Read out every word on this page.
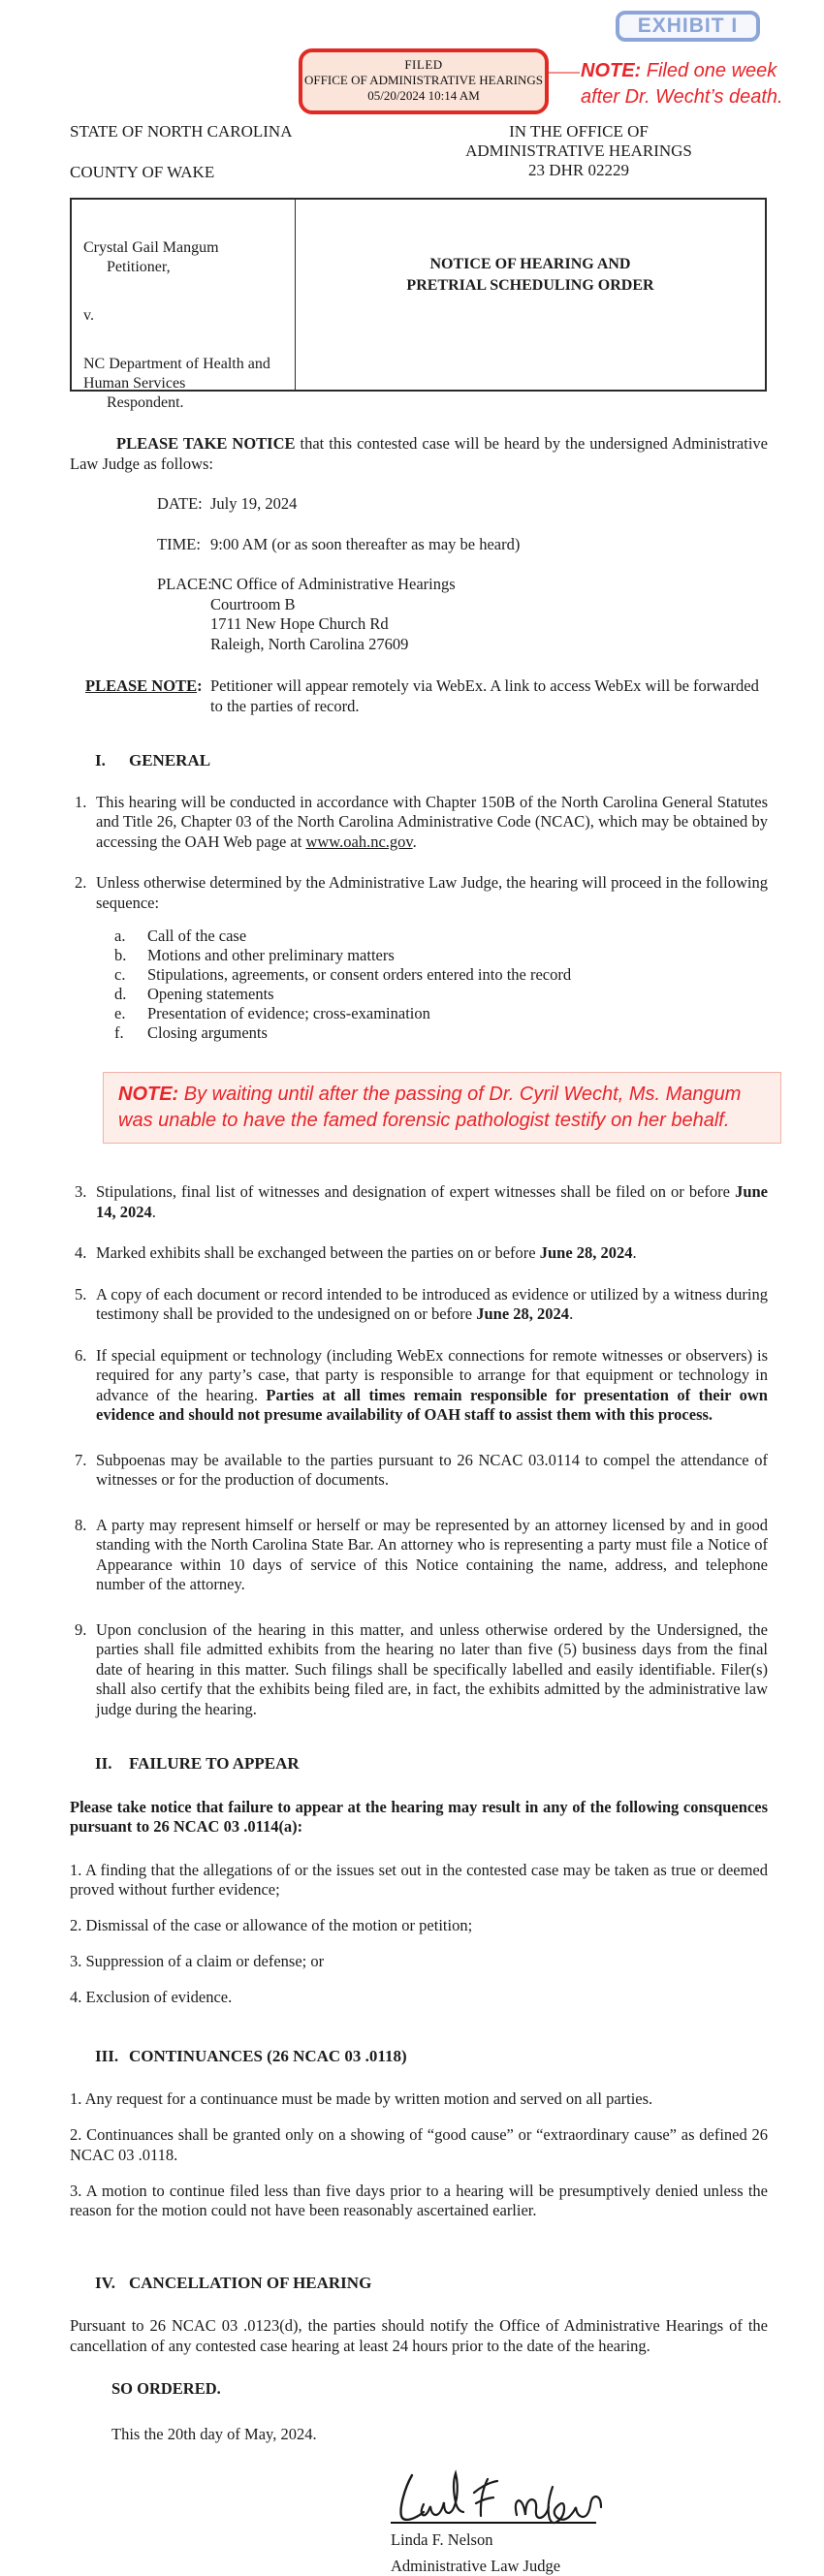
EXHIBIT I
FILED
OFFICE OF ADMINISTRATIVE HEARINGS
05/20/2024 10:14 AM
NOTE: Filed one week after Dr. Wecht’s death.
STATE OF NORTH CAROLINA
COUNTY OF WAKE
IN THE OFFICE OF
ADMINISTRATIVE HEARINGS
23 DHR 02229
Crystal Gail Mangum
Petitioner,
v.
NC Department of Health and Human Services
Respondent.
NOTICE OF HEARING AND
PRETRIAL SCHEDULING ORDER

PLEASE TAKE NOTICE that this contested case will be heard by the undersigned Administrative Law Judge as follows:

DATE: July 19, 2024
TIME: 9:00 AM (or as soon thereafter as may be heard)
PLACE:
NC Office of Administrative Hearings
Courtroom B
1711 New Hope Church Rd
Raleigh, North Carolina 27609
PLEASE NOTE: Petitioner will appear remotely via WebEx. A link to access WebEx will be forwarded to the parties of record.
I. GENERAL
1. This hearing will be conducted in accordance with Chapter 150B of the North Carolina General Statutes and Title 26, Chapter 03 of the North Carolina Administrative Code (NCAC), which may be obtained by accessing the OAH Web page at www.oah.nc.gov.
2. Unless otherwise determined by the Administrative Law Judge, the hearing will proceed in the following sequence:
a. Call of the case
b. Motions and other preliminary matters
c. Stipulations, agreements, or consent orders entered into the record
d. Opening statements
e. Presentation of evidence; cross-examination
f. Closing arguments
NOTE: By waiting until after the passing of Dr. Cyril Wecht, Ms. Mangum was unable to have the famed forensic pathologist testify on her behalf.
3. Stipulations, final list of witnesses and designation of expert witnesses shall be filed on or before June 14, 2024.
4. Marked exhibits shall be exchanged between the parties on or before June 28, 2024.
5. A copy of each document or record intended to be introduced as evidence or utilized by a witness during testimony shall be provided to the undesigned on or before June 28, 2024.
6. If special equipment or technology (including WebEx connections for remote witnesses or observers) is required for any party’s case, that party is responsible to arrange for that equipment or technology in advance of the hearing. Parties at all times remain responsible for presentation of their own evidence and should not presume availability of OAH staff to assist them with this process.
7. Subpoenas may be available to the parties pursuant to 26 NCAC 03.0114 to compel the attendance of witnesses or for the production of documents.
8. A party may represent himself or herself or may be represented by an attorney licensed by and in good standing with the North Carolina State Bar. An attorney who is representing a party must file a Notice of Appearance within 10 days of service of this Notice containing the name, address, and telephone number of the attorney.
9. Upon conclusion of the hearing in this matter, and unless otherwise ordered by the Undersigned, the parties shall file admitted exhibits from the hearing no later than five (5) business days from the final date of hearing in this matter. Such filings shall be specifically labelled and easily identifiable. Filer(s) shall also certify that the exhibits being filed are, in fact, the exhibits admitted by the administrative law judge during the hearing.
II. FAILURE TO APPEAR

Please take notice that failure to appear at the hearing may result in any of the following consquences pursuant to 26 NCAC 03 .0114(a):

1. A finding that the allegations of or the issues set out in the contested case may be taken as true or deemed proved without further evidence;

2. Dismissal of the case or allowance of the motion or petition;

3. Suppression of a claim or defense; or

4. Exclusion of evidence.

III. CONTINUANCES (26 NCAC 03 .0118)

1. Any request for a continuance must be made by written motion and served on all parties.

2. Continuances shall be granted only on a showing of “good cause” or “extraordinary cause” as defined 26 NCAC 03 .0118.

3. A motion to continue filed less than five days prior to a hearing will be presumptively denied unless the reason for the motion could not have been reasonably ascertained earlier.

IV. CANCELLATION OF HEARING

Pursuant to 26 NCAC 03 .0123(d), the parties should notify the Office of Administrative Hearings of the cancellation of any contested case hearing at least 24 hours prior to the date of the hearing.

SO ORDERED.
This the 20th day of May, 2024.
Linda F. Nelson
Administrative Law Judge
